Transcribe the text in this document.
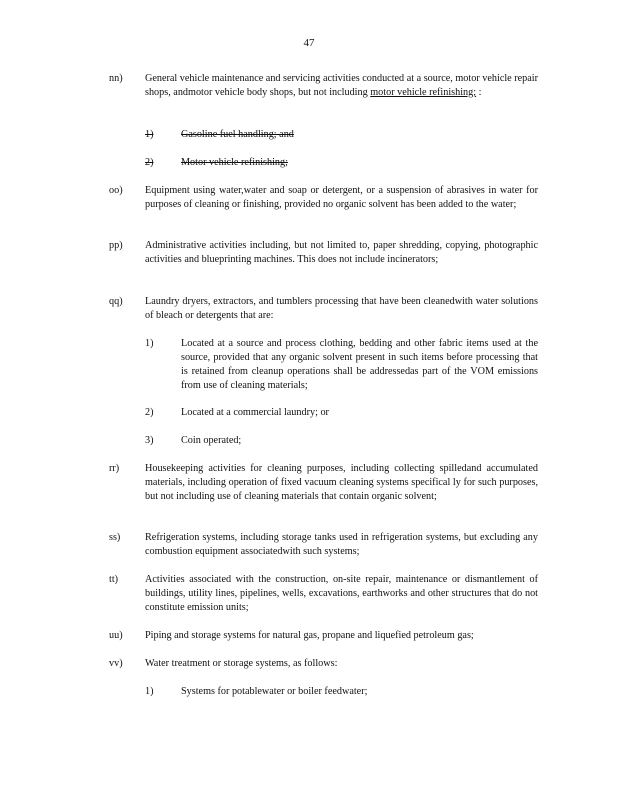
47
nn) General vehicle maintenance and servicing activities conducted at a source, motor vehicle repair shops, andmotor vehicle body shops, but not including motor vehicle refinishing; :
1)	Gasoline fuel handling; and
2)	Motor vehicle refinishing;
oo) Equipment using water,water and soap or detergent, or a suspension of abrasives in water for purposes of cleaning or finishing, provided no organic solvent has been added to the water;
pp) Administrative activities including, but not limited to, paper shredding, copying, photographic activities and blueprinting machines. This does not include incinerators;
qq) Laundry dryers, extractors, and tumblers processing that have been cleanedwith water solutions of bleach or detergents that are:
1)	Located at a source and process clothing, bedding and other fabric items used at the source, provided that any organic solvent present in such items before processing that is retained from cleanup operations shall be addressedas part of the VOM emissions from use of cleaning materials;
2)	Located at a commercial laundry; or
3)	Coin operated;
rr)	Housekeeping activities for cleaning purposes, including collecting spilledand accumulated materials, including operation of fixed vacuum cleaning systems specifical ly for such purposes, but not including use of cleaning materials that contain organic solvent;
ss) Refrigeration systems, including storage tanks used in refrigeration systems, but excluding any combustion equipment associatedwith such systems;
tt)	Activities associated with the construction, on-site repair, maintenance or dismantlement of buildings, utility lines, pipelines, wells, excavations, earthworks and other structures that do not constitute emission units;
uu) Piping and storage systems for natural gas, propane and liquefied petroleum gas;
vv) Water treatment or storage systems, as follows:
1)	Systems for potablewater or boiler feedwater;
